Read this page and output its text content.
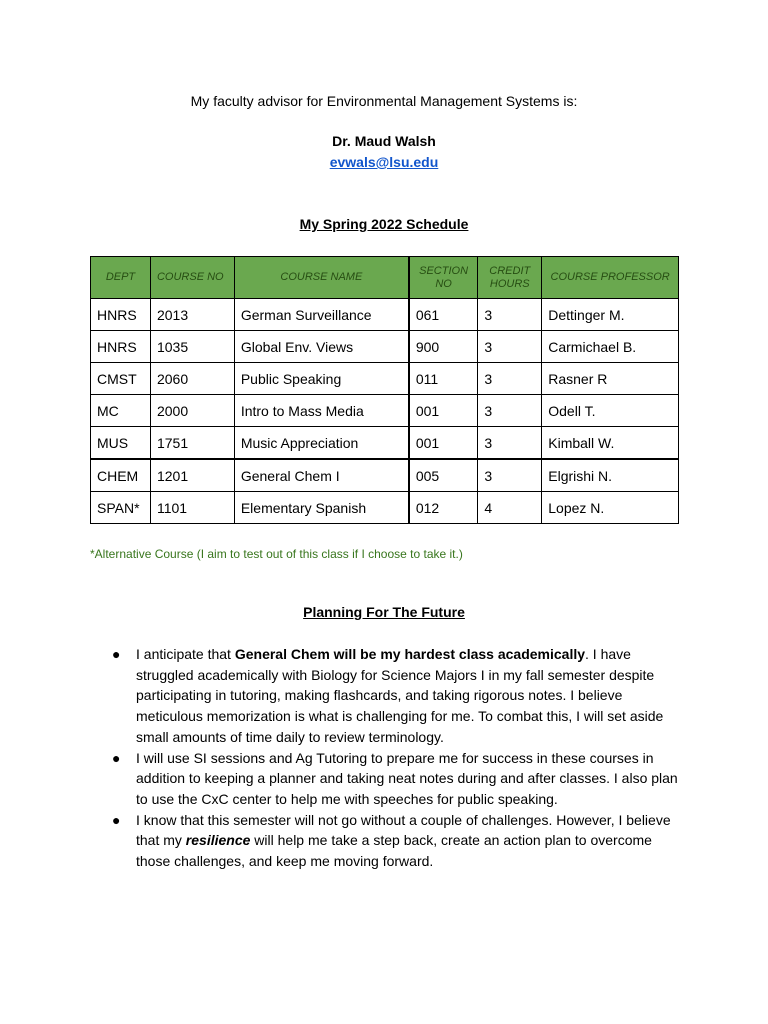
My faculty advisor for Environmental Management Systems is:
Dr. Maud Walsh
evwals@lsu.edu
My Spring 2022 Schedule
DEPT	COURSE NO	COURSE NAME	SECTION NO	CREDIT HOURS	COURSE PROFESSOR
HNRS	2013	German Surveillance	061	3	Dettinger M.
HNRS	1035	Global Env. Views	900	3	Carmichael B.
CMST	2060	Public Speaking	011	3	Rasner R
MC	2000	Intro to Mass Media	001	3	Odell T.
MUS	1751	Music Appreciation	001	3	Kimball W.
CHEM	1201	General Chem I	005	3	Elgrishi N.
SPAN*	1101	Elementary Spanish	012	4	Lopez N.
*Alternative Course (I aim to test out of this class if I choose to take it.)
Planning For The Future
● I anticipate that General Chem will be my hardest class academically. I have struggled academically with Biology for Science Majors I in my fall semester despite participating in tutoring, making flashcards, and taking rigorous notes. I believe meticulous memorization is what is challenging for me. To combat this, I will set aside small amounts of time daily to review terminology.
● I will use SI sessions and Ag Tutoring to prepare me for success in these courses in addition to keeping a planner and taking neat notes during and after classes. I also plan to use the CxC center to help me with speeches for public speaking.
● I know that this semester will not go without a couple of challenges. However, I believe that my resilience will help me take a step back, create an action plan to overcome those challenges, and keep me moving forward.
